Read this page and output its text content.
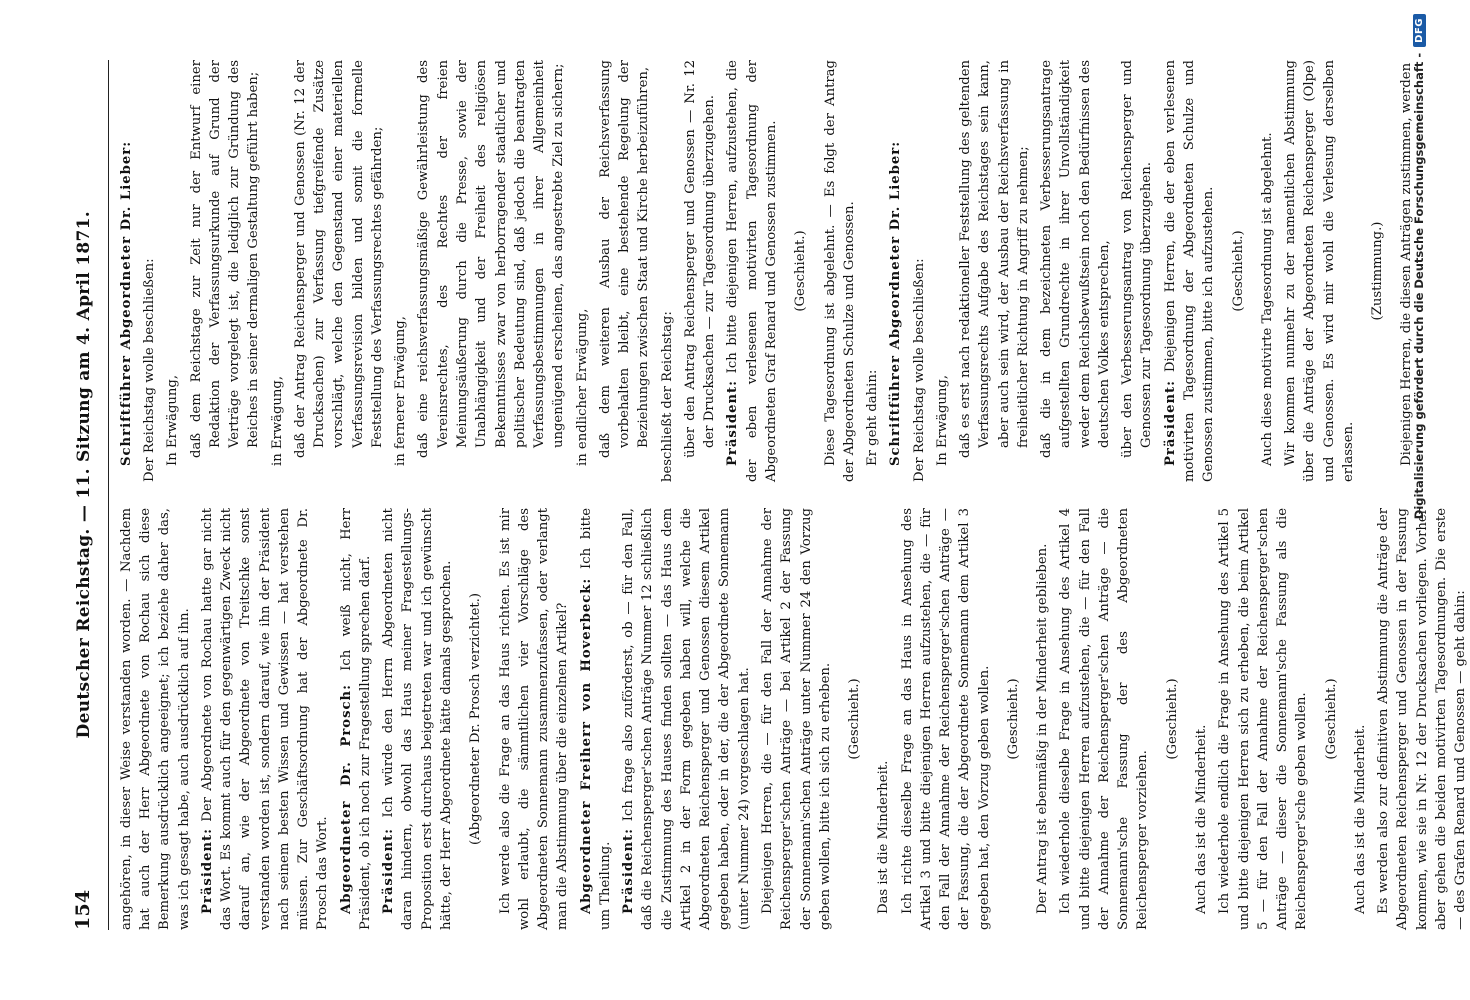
154
Deutscher Reichstag. — 11. Sitzung am 4. April 1871. angehören, in dieser Weise verstanden worden. — Nachdem hat auch der Herr Abgeordnete von Rochau sich diese Bemerkung ausdrücklich angeeignet; ich beziehe daher das, was ich gesagt habe, auch ausdrücklich auf ihn. Präsident: Der Abgeordnete von Rochau hatte gar nicht das Wort. Es kommt auch für den gegenwärtigen Zweck nicht darauf an, wie der Abgeordnete von Treitschke sonst verstanden worden ist, sondern darauf, wie ihn der Präsident nach seinem besten Wissen und Gewissen — hat verstehen müssen. Zur Geschäftsordnung hat der Abgeordnete Dr. Prosch das Wort. Abgeordneter Dr. Prosch: Ich weiß nicht, Herr Präsident, ob ich noch zur Fragestellung sprechen darf. Präsident: Ich würde den Herrn Abgeordneten nicht daran hindern, obwohl das Haus meiner Fragestellungs-Proposition erst durchaus beigetreten war und ich gewünscht hätte, der Herr Abgeordnete hätte damals gesprochen. (Abgeordneter Dr. Prosch verzichtet.) Ich werde also die Frage an das Haus richten. Es ist mir wohl erlaubt, die sämmtlichen vier Vorschläge des Abgeordneten Sonnemann zusammenzufassen, oder verlangt man die Abstimmung über die einzelnen Artikel? Abgeordneter Freiherr von Hoverbeck: Ich bitte um Theilung. Präsident: Ich frage also zuförderst, ob — für den Fall, daß die Reichensperger'schen Anträge Nummer 12 schließlich die Zustimmung des Hauses finden sollten — das Haus dem Artikel 2 in der Form gegeben haben will, welche die Abgeordneten Reichensperger und Genossen diesem Artikel gegeben haben, oder in der, die der Abgeordnete Sonnemann (unter Nummer 24) vorgeschlagen hat. Diejenigen Herren, die — für den Fall der Annahme der Reichensperger'schen Anträge — bei Artikel 2 der Fassung der Sonnemann'schen Anträge unter Nummer 24 den Vorzug geben wollen, bitte ich sich zu erheben. (Geschieht.)

Das ist die Minderheit. Ich richte dieselbe Frage an das Haus in Ansehung des Artikel 3 und bitte diejenigen Herren aufzustehen, die — für den Fall der Annahme der Reichensperger'schen Anträge — der Fassung, die der Abgeordnete Sonnemann dem Artikel 3 gegeben hat, den Vorzug geben wollen. (Geschieht.) Der Antrag ist ebenmäßig in der Minderheit geblieben. Ich wiederhole dieselbe Frage in Ansehung des Artikel 4 und bitte diejenigen Herren aufzustehen, die — für den Fall der Annahme der Reichensperger'schen Anträge — die Sonnemann'sche Fassung der des Abgeordneten Reichensperger vorziehen.

(Geschieht.)

Auch das ist die Minderheit. Ich wiederhole endlich die Frage in Ansehung des Artikel 5 und bitte diejenigen Herren sich zu erheben, die beim Artikel 5 — für den Fall der Annahme der Reichensperger'schen Anträge — dieser die Sonnemann'sche Fassung als die Reichensperger'sche geben wollen. (Geschieht.)

Auch das ist die Minderheit. Es werden also zur definitiven Abstimmung die Anträge der Abgeordneten Reichensperger und Genossen in der Fassung kommen, wie sie in Nr. 12 der Drucksachen vorliegen. Vorher aber gehen die beiden motivirten Tagesordnungen. Die erste — des Grafen Renard und Genossen — geht dahin:

Schriftführer Abgeordneter Dr. Lieber: Der Reichstag wolle beschließen: In Erwägung, daß dem Reichstage zur Zeit nur der Entwurf einer Redaktion der Verfassungsurkunde auf Grund der Verträge vorgelegt ist, die lediglich zur Gründung des Reiches in seiner dermaligen Gestaltung geführt haben; in Erwägung, daß der Antrag Reichensperger und Genossen (Nr. 12 der Drucksachen) zur Verfassung tiefgreifende Zusätze vorschlägt, welche den Gegenstand einer materiellen Verfassungsrevision bilden und somit die formelle Feststellung des Verfassungsrechtes gefährden; in fernerer Erwägung, daß eine reichsverfassungsmäßige Gewährleistung des Vereinsrechtes, des Rechtes der freien Meinungsäußerung durch die Presse, sowie der Unabhängigkeit und der Freiheit des religiösen Bekenntnisses zwar von herborragender staatlicher und politischer Bedeutung sind, daß jedoch die beantragten Verfassungsbestimmungen in ihrer Allgemeinheit ungenügend erscheinen, das angestrebte Ziel zu sichern; in endlicher Erwägung, daß dem weiteren Ausbau der Reichsverfassung vorbehalten bleibt, eine bestehende Regelung der Beziehungen zwischen Staat und Kirche herbeizuführen, beschließt der Reichstag: über den Antrag Reichensperger und Genossen — Nr. 12 der Drucksachen — zur Tagesordnung überzugehen. Präsident: Ich bitte diejenigen Herren, aufzustehen, die der eben verlesenen motivirten Tagesordnung der Abgeordneten Graf Renard und Genossen zustimmen. (Geschieht.) Diese Tagesordnung ist abgelehnt. — Es folgt der Antrag der Abgeordneten Schulze und Genossen. Er geht dahin: Schriftführer Abgeordneter Dr. Lieber: Der Reichstag wolle beschließen: In Erwägung, daß es erst nach redaktioneller Feststellung des geltenden Verfassungsrechts Aufgabe des Reichstages sein kann, aber auch sein wird, der Ausbau der Reichsverfassung in freiheitlicher Richtung in Angriff zu nehmen; daß die in dem bezeichneten Verbesserungsantrage aufgestellten Grundrechte in ihrer Unvollständigkeit weder dem Reichsbewußtsein noch den Bedürfnissen des deutschen Volkes entsprechen, über den Verbesserungsantrag von Reichensperger und Genossen zur Tagesordnung überzugehen. Präsident: Diejenigen Herren, die der eben verlesenen motivirten Tagesordnung der Abgeordneten Schulze und Genossen zustimmen, bitte ich aufzustehen. (Geschieht.) Auch diese motivirte Tagesordnung ist abgelehnt. Wir kommen nunmehr zu der namentlichen Abstimmung über die Anträge der Abgeordneten Reichensperger (Olpe) und Genossen. Es wird mir wohl die Verlesung derselben erlassen.

(Zustimmung.) Diejenigen Herren, die diesen Anträgen zustimmen, werden

Digitalisierung gefördert durch die Deutsche Forschungsgemeinschaft -
DFG
